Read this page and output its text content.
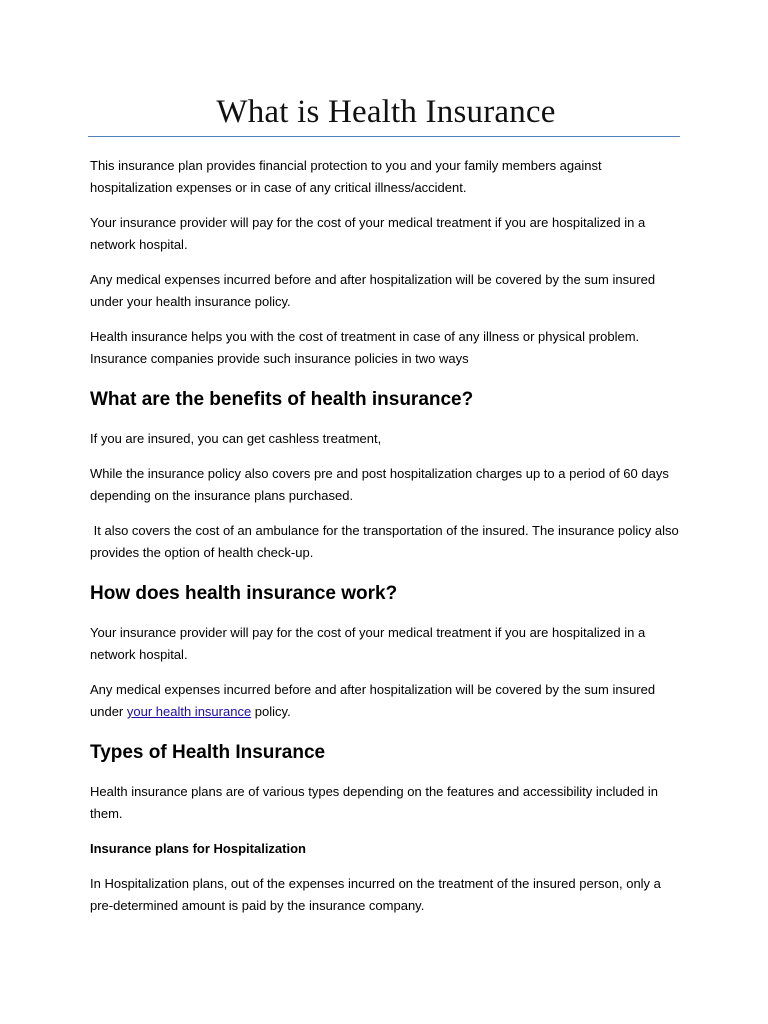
What is Health Insurance

This insurance plan provides financial protection to you and your family members against hospitalization expenses or in case of any critical illness/accident.

Your insurance provider will pay for the cost of your medical treatment if you are hospitalized in a network hospital.

Any medical expenses incurred before and after hospitalization will be covered by the sum insured under your health insurance policy.

Health insurance helps you with the cost of treatment in case of any illness or physical problem. Insurance companies provide such insurance policies in two ways

What are the benefits of health insurance?

If you are insured, you can get cashless treatment,

While the insurance policy also covers pre and post hospitalization charges up to a period of 60 days depending on the insurance plans purchased.

It also covers the cost of an ambulance for the transportation of the insured. The insurance policy also provides the option of health check-up.

How does health insurance work?

Your insurance provider will pay for the cost of your medical treatment if you are hospitalized in a network hospital.

Any medical expenses incurred before and after hospitalization will be covered by the sum insured under your health insurance policy.

Types of Health Insurance

Health insurance plans are of various types depending on the features and accessibility included in them.

Insurance plans for Hospitalization

In Hospitalization plans, out of the expenses incurred on the treatment of the insured person, only a pre-determined amount is paid by the insurance company.
